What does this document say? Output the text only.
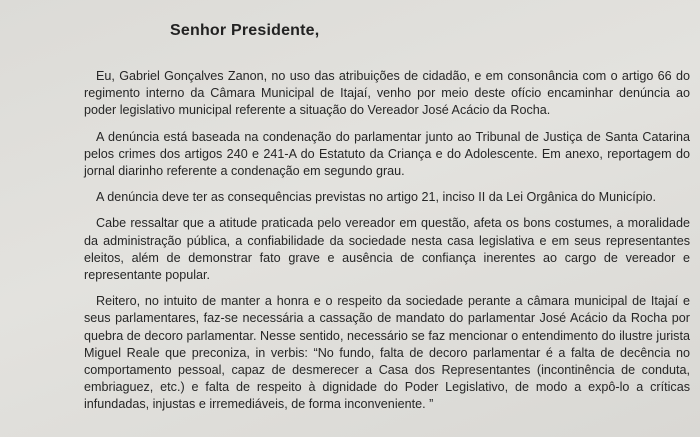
Senhor Presidente,

Eu, Gabriel Gonçalves Zanon, no uso das atribuições de cidadão, e em consonância com o artigo 66 do regimento interno da Câmara Municipal de Itajaí, venho por meio deste ofício encaminhar denúncia ao poder legislativo municipal referente a situação do Vereador José Acácio da Rocha.

A denúncia está baseada na condenação do parlamentar junto ao Tribunal de Justiça de Santa Catarina pelos crimes dos artigos 240 e 241-A do Estatuto da Criança e do Adolescente. Em anexo, reportagem do jornal diarinho referente a condenação em segundo grau.

A denúncia deve ter as consequências previstas no artigo 21, inciso II da Lei Orgânica do Município.

Cabe ressaltar que a atitude praticada pelo vereador em questão, afeta os bons costumes, a moralidade da administração pública, a confiabilidade da sociedade nesta casa legislativa e em seus representantes eleitos, além de demonstrar fato grave e ausência de confiança inerentes ao cargo de vereador e representante popular.

Reitero, no intuito de manter a honra e o respeito da sociedade perante a câmara municipal de Itajaí e seus parlamentares, faz-se necessária a cassação de mandato do parlamentar José Acácio da Rocha por quebra de decoro parlamentar. Nesse sentido, necessário se faz mencionar o entendimento do ilustre jurista Miguel Reale que preconiza, in verbis: “No fundo, falta de decoro parlamentar é a falta de decência no comportamento pessoal, capaz de desmerecer a Casa dos Representantes (incontinência de conduta, embriaguez, etc.) e falta de respeito à dignidade do Poder Legislativo, de modo a expô-lo a críticas infundadas, injustas e irremediáveis, de forma inconveniente. ”
